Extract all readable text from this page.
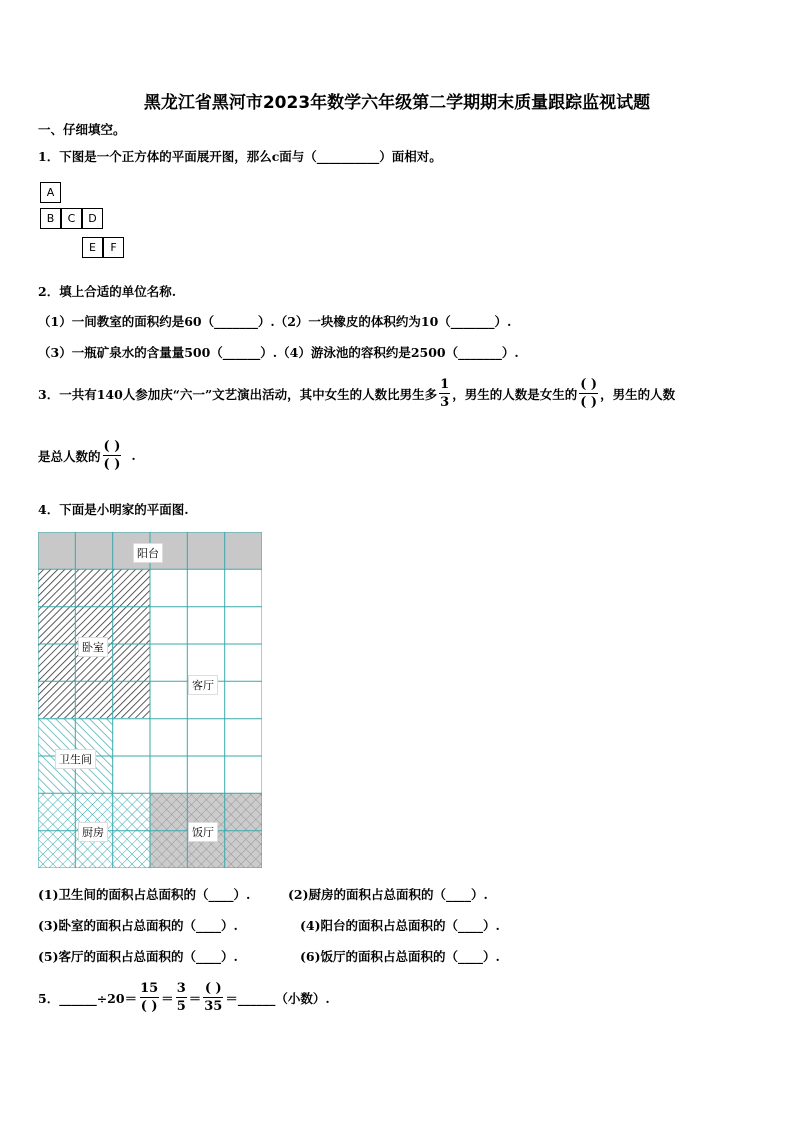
黑龙江省黑河市2023年数学六年级第二学期期末质量跟踪监视试题
一、仔细填空。
1．下图是一个正方体的平面展开图，那么c面与（__________）面相对。
A
B	C	D
E	F
2．填上合适的单位名称.
（1）一间教室的面积约是60（_______）.（2）一块橡皮的体积约为10（_______）.
（3）一瓶矿泉水的含量量500（______）.（4）游泳池的容积约是2500（_______）.
3．一共有140人参加庆“六一”文艺演出活动，其中女生的人数比男生多 $\frac{1}{3}$ ，男生的人数是女生的 $\frac{( )}{( )}$ ，男生的人数
是总人数的 $\frac{( )}{( )}$ .
4．下面是小明家的平面图.
阳台
卧室
客厅
卫生间
厨房	饭厅
(1)卫生间的面积占总面积的（____）.	(2)厨房的面积占总面积的（____）.
(3)卧室的面积占总面积的（____）.	(4)阳台的面积占总面积的（____）.
(5)客厅的面积占总面积的（____）.	(6)饭厅的面积占总面积的（____）.
5．______÷20＝ $\frac{15}{( )} = \frac{3}{5} = \frac{( )}{35}$ ＝______（小数）.
